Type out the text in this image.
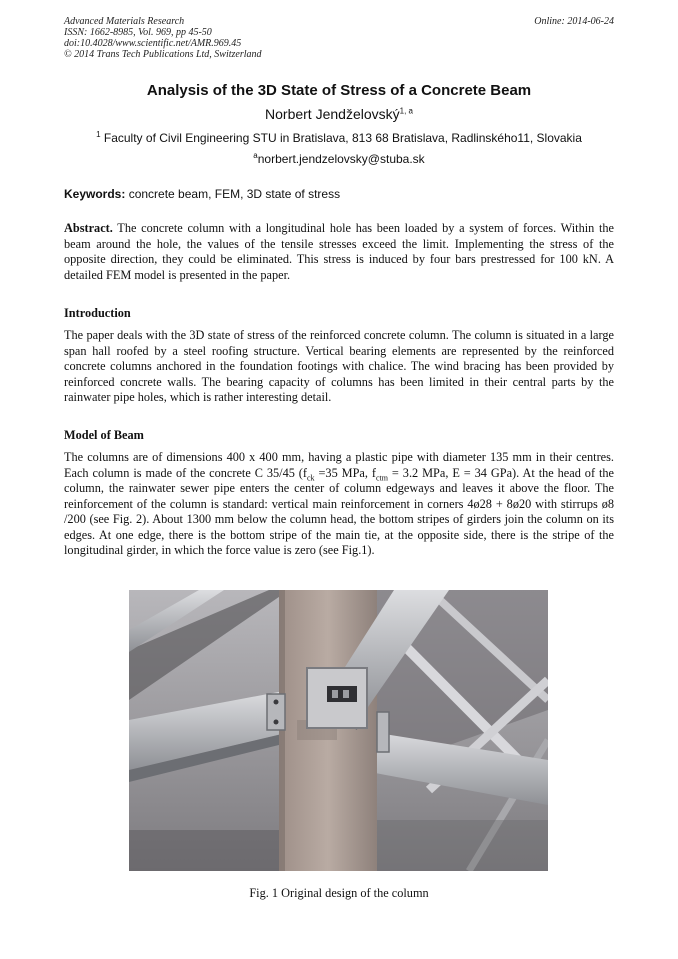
Advanced Materials Research
ISSN: 1662-8985, Vol. 969, pp 45-50
doi:10.4028/www.scientific.net/AMR.969.45
© 2014 Trans Tech Publications Ltd, Switzerland
Online: 2014-06-24
Analysis of the 3D State of Stress of a Concrete Beam
Norbert Jendželovský$^{1, a}$
$^1$ Faculty of Civil Engineering STU in Bratislava, 813 68 Bratislava, Radlinského11, Slovakia
$^a$norbert.jendzelovsky@stuba.sk
Keywords: concrete beam, FEM, 3D state of stress
Abstract. The concrete column with a longitudinal hole has been loaded by a system of forces. Within the beam around the hole, the values of the tensile stresses exceed the limit. Implementing the stress of the opposite direction, they could be eliminated. This stress is induced by four bars prestressed for 100 kN. A detailed FEM model is presented in the paper.
Introduction
The paper deals with the 3D state of stress of the reinforced concrete column. The column is situated in a large span hall roofed by a steel roofing structure. Vertical bearing elements are represented by the reinforced concrete columns anchored in the foundation footings with chalice. The wind bracing has been provided by reinforced concrete walls. The bearing capacity of columns has been limited in their central parts by the rainwater pipe holes, which is rather interesting detail.
Model of Beam
The columns are of dimensions 400 x 400 mm, having a plastic pipe with diameter 135 mm in their centres. Each column is made of the concrete C 35/45 ($f_{ck} =35$ MPa, $f_{ctm} = 3.2$ MPa, E = 34 GPa). At the head of the column, the rainwater sewer pipe enters the center of column edgeways and leaves it above the floor. The reinforcement of the column is standard: vertical main reinforcement in corners 4ø28 + 8ø20 with stirrups ø8 /200 (see Fig. 2). About 1300 mm below the column head, the bottom stripes of girders join the column on its edges. At one edge, there is the bottom stripe of the main tie, at the opposite side, there is the stripe of the longitudinal girder, in which the force value is zero (see Fig.1).
Fig. 1 Original design of the column
